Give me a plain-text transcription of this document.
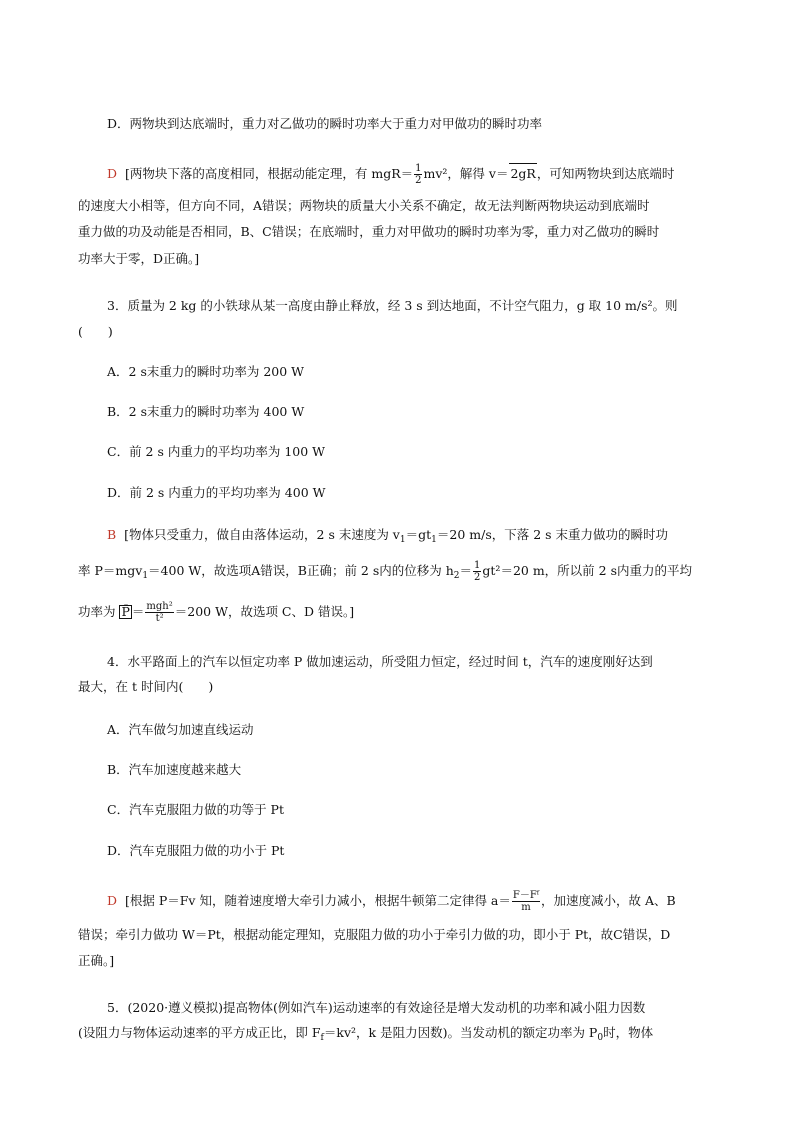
D．两物块到达底端时，重力对乙做功的瞬时功率大于重力对甲做功的瞬时功率
D [两物块下落的高度相同，根据动能定理，有 $mgR= \frac{1}{2} mv^2$，解得 v＝ 2gR，可知两物块到达底端时
的速度大小相等，但方向不同，A错误；两物块的质量大小关系不确定，故无法判断两物块运动到底端时
重力做的功及动能是否相同，B、C错误；在底端时，重力对甲做功的瞬时功率为零，重力对乙做功的瞬时
功率大于零，D正确。]
3．质量为 2 kg 的小铁球从某一高度由静止释放，经 3 s 到达地面，不计空气阻力，g 取 10 m/s²。则
(　　)
A．2 s末重力的瞬时功率为 200 W
B．2 s末重力的瞬时功率为 400 W
C．前 2 s 内重力的平均功率为 100 W
D．前 2 s 内重力的平均功率为 400 W
B [物体只受重力，做自由落体运动，2 s 末速度为 $v_1=gt_1=20$ m/s，下落 2 s 末重力做功的瞬时功
率 P＝mgv$_1$＝400 W，故选项A错误，B正确；前 2 s内的位移为 $h_2= \frac{1}{2} gt^2=20$ m，所以前 2 s内重力的平均
功率为 P̄ ＝ $\frac{\text{mgh²}}{\text{t²}} =200$ W，故选项 C、D 错误。]
4．水平路面上的汽车以恒定功率 P 做加速运动，所受阻力恒定，经过时间 t，汽车的速度刚好达到
最大，在 t 时间内(　　)
A．汽车做匀加速直线运动
B．汽车加速度越来越大
C．汽车克服阻力做的功等于 Pt
D．汽车克服阻力做的功小于 Pt
D [根据 P＝Fv 知，随着速度增大牵引力减小，根据牛顿第二定律得 $a= \frac{\text{F－Fᶠ}}{m}$ ，加速度减小，故 A、B
错误；牵引力做功 W＝Pt，根据动能定理知，克服阻力做的功小于牵引力做的功，即小于 Pt，故C错误，D
正确。]
5．(2020·遵义模拟)提高物体(例如汽车)运动速率的有效途径是增大发动机的功率和减小阻力因数
(设阻力与物体运动速率的平方成正比，即 $F_f=kv^2$，k 是阻力因数)。当发动机的额定功率为 $P_0$时，物体
